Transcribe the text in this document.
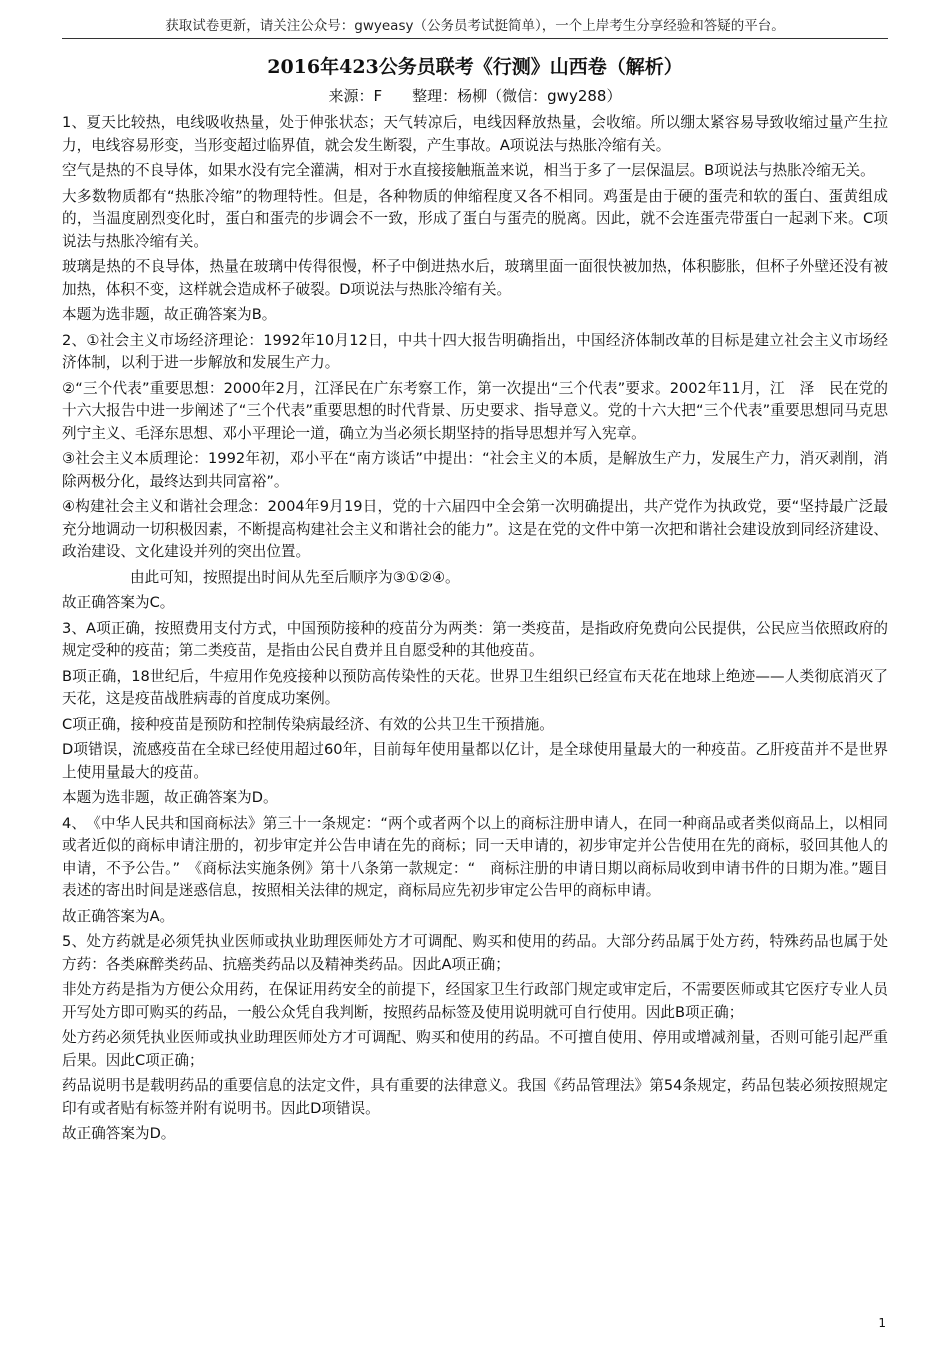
获取试卷更新，请关注公众号：gwyeasy（公务员考试挺简单），一个上岸考生分享经验和答疑的平台。
2016年423公务员联考《行测》山西卷（解析）
来源：F　　整理：杨柳（微信：gwy288）

1、夏天比较热，电线吸收热量，处于伸张状态；天气转凉后，电线因释放热量，会收缩。所以绷太紧容易导致收缩过量产生拉力，电线容易形变，当形变超过临界值，就会发生断裂，产生事故。A项说法与热胀冷缩有关。

空气是热的不良导体，如果水没有完全灌满，相对于水直接接触瓶盖来说，相当于多了一层保温层。B项说法与热胀冷缩无关。

大多数物质都有“热胀冷缩”的物理特性。但是，各种物质的伸缩程度又各不相同。鸡蛋是由于硬的蛋壳和软的蛋白、蛋黄组成的，当温度剧烈变化时，蛋白和蛋壳的步调会不一致，形成了蛋白与蛋壳的脱离。因此，就不会连蛋壳带蛋白一起剥下来。C项说法与热胀冷缩有关。

玻璃是热的不良导体，热量在玻璃中传得很慢，杯子中倒进热水后，玻璃里面一面很快被加热，体积膨胀，但杯子外壁还没有被加热，体积不变，这样就会造成杯子破裂。D项说法与热胀冷缩有关。

本题为选非题，故正确答案为B。

2、①社会主义市场经济理论：1992年10月12日，中共十四大报告明确指出，中国经济体制改革的目标是建立社会主义市场经济体制，以利于进一步解放和发展生产力。

②“三个代表”重要思想：2000年2月，江泽民在广东考察工作，第一次提出“三个代表”要求。2002年11月，江　泽　民在党的十六大报告中进一步阐述了“三个代表”重要思想的时代背景、历史要求、指导意义。党的十六大把“三个代表”重要思想同马克思列宁主义、毛泽东思想、邓小平理论一道，确立为当必须长期坚持的指导思想并写入宪章。

③社会主义本质理论：1992年初，邓小平在“南方谈话”中提出：“社会主义的本质，是解放生产力，发展生产力，消灭剥削，消除两极分化，最终达到共同富裕”。

④构建社会主义和谐社会理念：2004年9月19日，党的十六届四中全会第一次明确提出，共产党作为执政党，要“坚持最广泛最充分地调动一切积极因素，不断提高构建社会主义和谐社会的能力”。这是在党的文件中第一次把和谐社会建设放到同经济建设、政治建设、文化建设并列的突出位置。

由此可知，按照提出时间从先至后顺序为③①②④。

故正确答案为C。

3、A项正确，按照费用支付方式，中国预防接种的疫苗分为两类：第一类疫苗，是指政府免费向公民提供，公民应当依照政府的规定受种的疫苗；第二类疫苗，是指由公民自费并且自愿受种的其他疫苗。

B项正确，18世纪后，牛痘用作免疫接种以预防高传染性的天花。世界卫生组织已经宣布天花在地球上绝迹——人类彻底消灭了天花，这是疫苗战胜病毒的首度成功案例。

C项正确，接种疫苗是预防和控制传染病最经济、有效的公共卫生干预措施。

D项错误，流感疫苗在全球已经使用超过60年，目前每年使用量都以亿计，是全球使用量最大的一种疫苗。乙肝疫苗并不是世界上使用量最大的疫苗。

本题为选非题，故正确答案为D。

4、　《中华人民共和国商标法》第三十一条规定：“两个或者两个以上的商标注册申请人，在同一种商品或者类似商品上，以相同或者近似的商标申请注册的，初步审定并公告申请在先的商标；同一天申请的，初步审定并公告使用在先的商标，驳回其他人的申请，不予公告。”　《商标法实施条例》第十八条第一款规定：“　商标注册的申请日期以商标局收到申请书件的日期为准。”题目表述的寄出时间是迷惑信息，按照相关法律的规定，商标局应先初步审定公告甲的商标申请。

故正确答案为A。

5、处方药就是必须凭执业医师或执业助理医师处方才可调配、购买和使用的药品。大部分药品属于处方药，特殊药品也属于处方药：各类麻醉类药品、抗癌类药品以及精神类药品。因此A项正确；

非处方药是指为方便公众用药，在保证用药安全的前提下，经国家卫生行政部门规定或审定后，不需要医师或其它医疗专业人员开写处方即可购买的药品，一般公众凭自我判断，按照药品标签及使用说明就可自行使用。因此B项正确；

处方药必须凭执业医师或执业助理医师处方才可调配、购买和使用的药品。不可擅自使用、停用或增减剂量，否则可能引起严重后果。因此C项正确；

药品说明书是载明药品的重要信息的法定文件，具有重要的法律意义。我国《药品管理法》第54条规定，药品包装必须按照规定印有或者贴有标签并附有说明书。因此D项错误。

故正确答案为D。

1
